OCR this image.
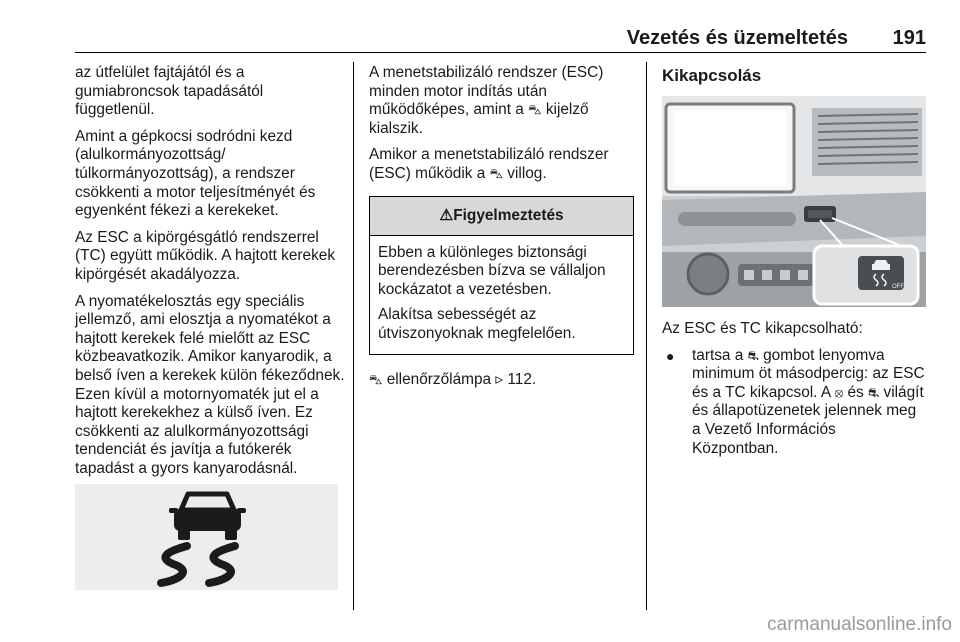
Vezetés és üzemeltetés 191

az útfelület fajtájától és a gumiabroncsok tapadásától függetlenül.

Amint a gépkocsi sodródni kezd (alulkormányozottság/ túlkormányozottság), a rendszer csökkenti a motor teljesítményét és egyenként fékezi a kerekeket.

Az ESC a kipörgésgátló rendszerrel (TC) együtt működik. A hajtott kerekek kipörgését akadályozza.

A nyomatékelosztás egy speciális jellemző, ami elosztja a nyomatékot a hajtott kerekek felé mielőtt az ESC közbeavatkozik. Amikor kanyarodik, a belső íven a kerekek külön fékeződnek. Ezen kívül a motornyomaték jut el a hajtott kerekekhez a külső íven. Ez csökkenti az alulkormányozottsági tendenciát és javítja a futókerék tapadást a gyors kanyarodásnál.

A menetstabilizáló rendszer (ESC) minden motor indítás után működőképes, amint a ⛍ kijelző kialszik.

Amikor a menetstabilizáló rendszer (ESC) működik a ⛍ villog.

⚠Figyelmeztetés

Ebben a különleges biztonsági berendezésben bízva se vállaljon kockázatot a vezetésben.

Alakítsa sebességét az útviszonyoknak megfelelően.

⛍ ellenőrzőlámpa ▹ 112.

Kikapcsolás
OFF

Az ESC és TC kikapcsolható:

●	tartsa a ⛐ gombot lenyomva minimum öt másodpercig: az ESC és a TC kikapcsol. A ⦻ és ⛐ világít és állapotüzenetek jelennek meg a Vezető Információs Központban.
carmanualsonline.info
